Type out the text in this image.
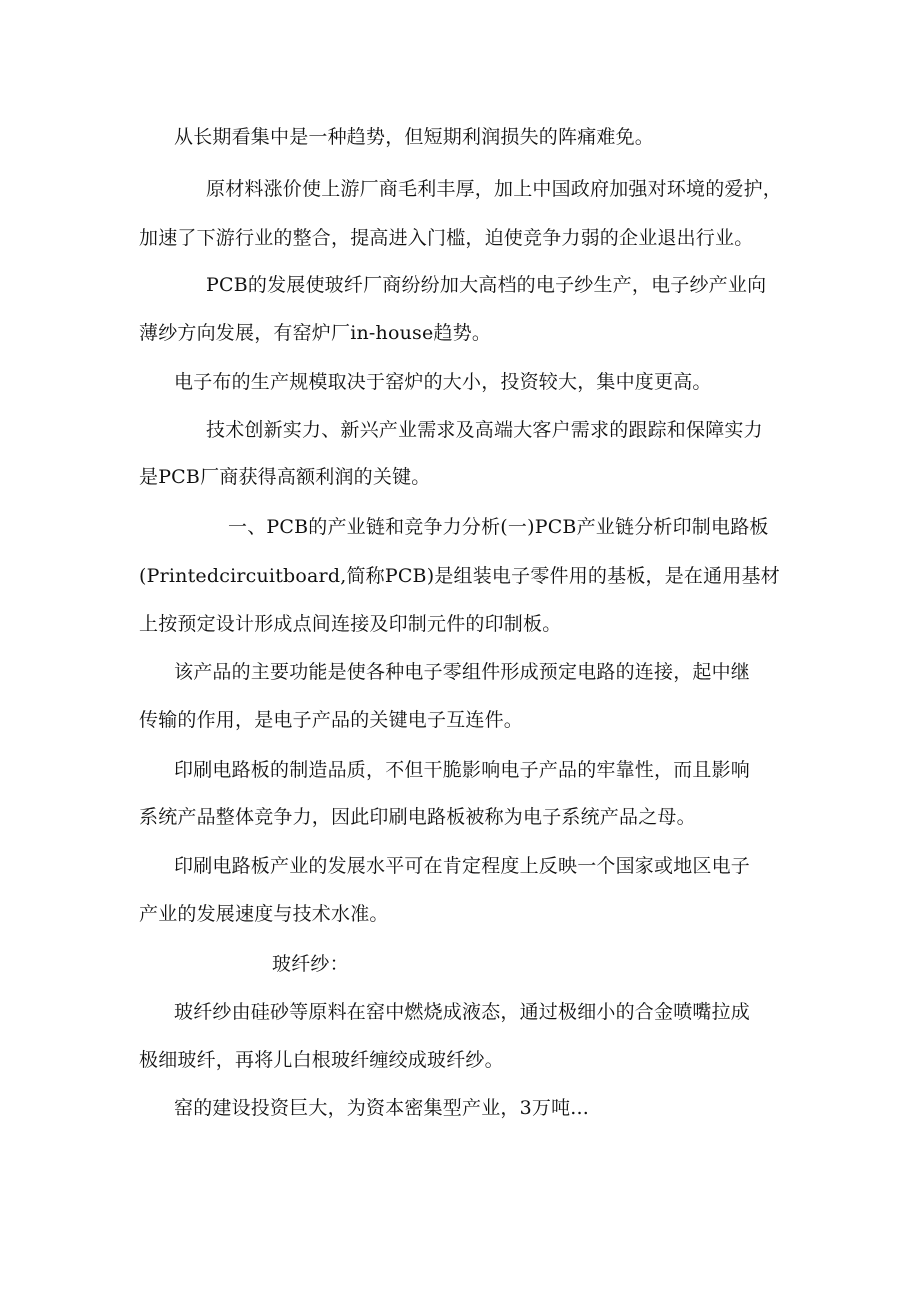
从长期看集中是一种趋势，但短期利润损失的阵痛难免。
原材料涨价使上游厂商毛利丰厚，加上中国政府加强对环境的爱护，
加速了下游行业的整合，提高进入门槛，迫使竞争力弱的企业退出行业。
PCB的发展使玻纤厂商纷纷加大高档的电子纱生产，电子纱产业向
薄纱方向发展，有窑炉厂in-house趋势。
电子布的生产规模取决于窑炉的大小，投资较大，集中度更高。
技术创新实力、新兴产业需求及高端大客户需求的跟踪和保障实力
是PCB厂商获得高额利润的关键。
一、PCB的产业链和竞争力分析(一)PCB产业链分析印制电路板
(Printedcircuitboard,简称PCB)是组装电子零件用的基板，是在通用基材
上按预定设计形成点间连接及印制元件的印制板。
该产品的主要功能是使各种电子零组件形成预定电路的连接，起中继
传输的作用，是电子产品的关键电子互连件。
印刷电路板的制造品质，不但干脆影响电子产品的牢靠性，而且影响
系统产品整体竞争力，因此印刷电路板被称为电子系统产品之母。
印刷电路板产业的发展水平可在肯定程度上反映一个国家或地区电子
产业的发展速度与技术水准。
玻纤纱：
玻纤纱由硅砂等原料在窑中燃烧成液态，通过极细小的合金喷嘴拉成
极细玻纤，再将儿白根玻纤缠绞成玻纤纱。
窑的建设投资巨大，为资本密集型产业，3万吨...
